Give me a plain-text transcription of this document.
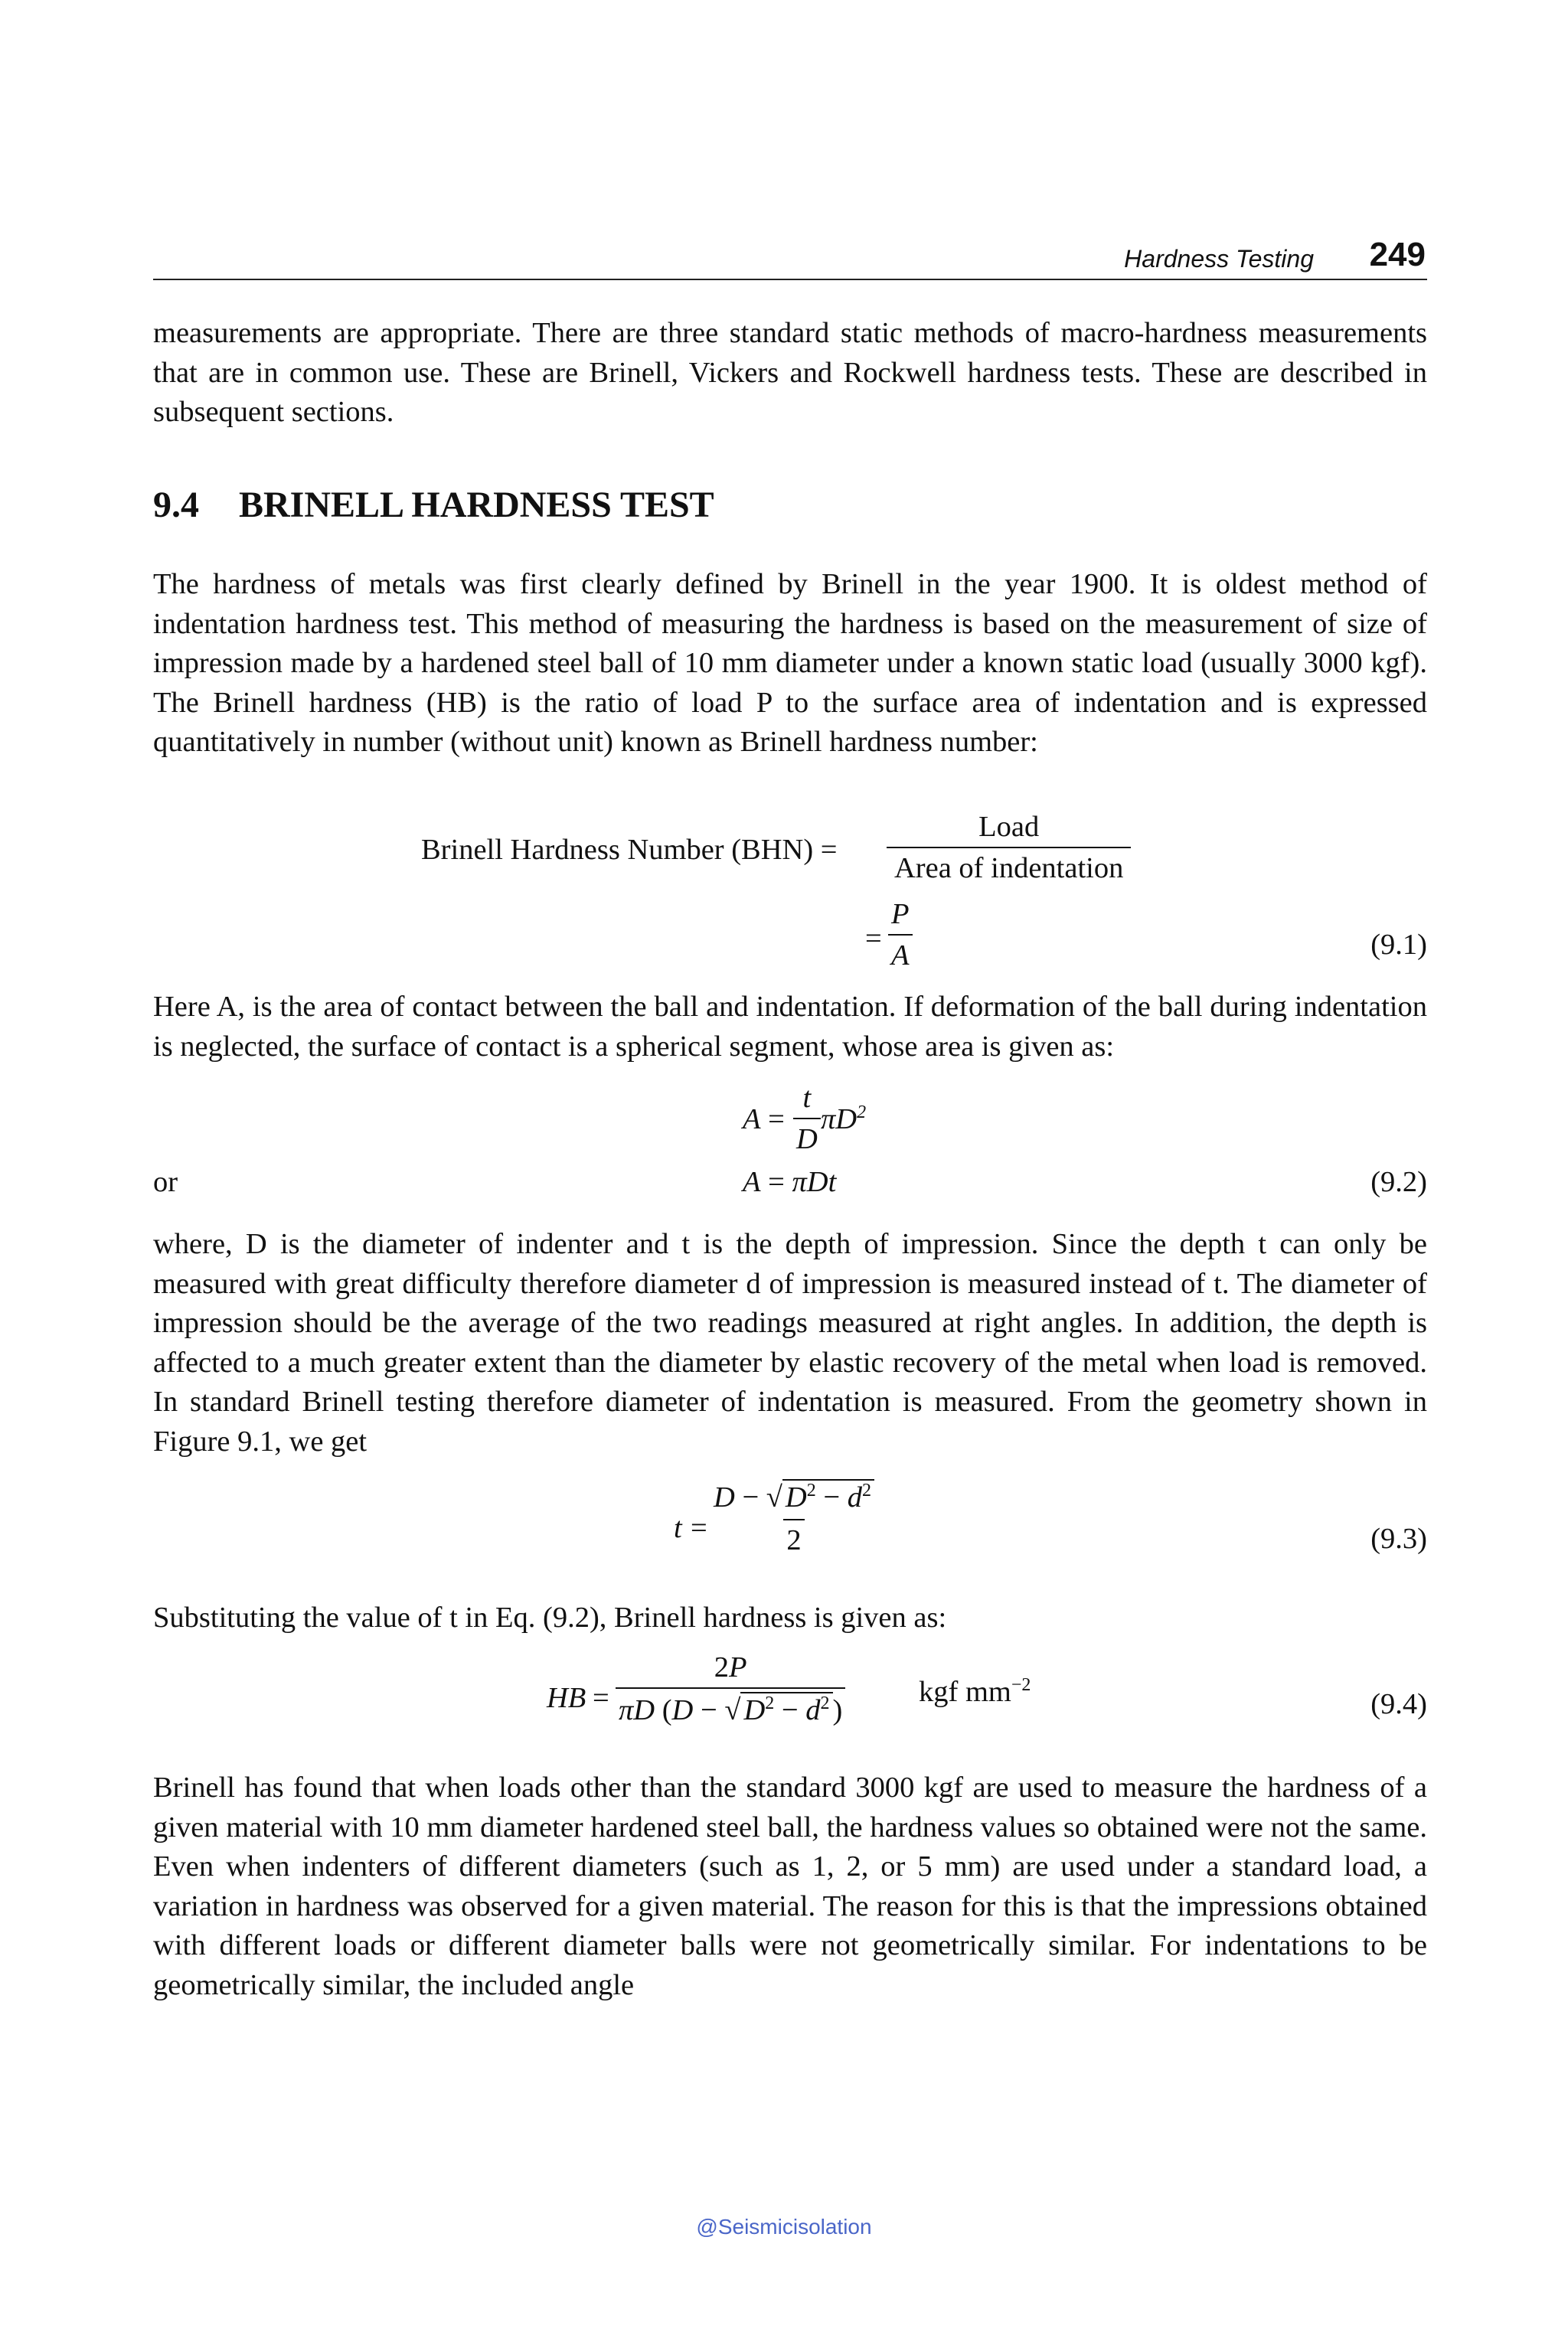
Hardness Testing 249

measurements are appropriate. There are three standard static methods of macro-hardness measurements that are in common use. These are Brinell, Vickers and Rockwell hardness tests. These are described in subsequent sections.

9.4 BRINELL HARDNESS TEST

The hardness of metals was first clearly defined by Brinell in the year 1900. It is oldest method of indentation hardness test. This method of measuring the hardness is based on the measurement of size of impression made by a hardened steel ball of 10 mm diameter under a known static load (usually 3000 kgf). The Brinell hardness (HB) is the ratio of load P to the surface area of indentation and is expressed quantitatively in number (without unit) known as Brinell hardness number:

Brinell Hardness Number (BHN) =
Load
Area of indentation
= $\frac{P}{A}$	(9.1)

Here A, is the area of contact between the ball and indentation. If deformation of the ball during indentation is neglected, the surface of contact is a spherical segment, whose area is given as:

$A = \frac{t}{D} \pi D^2$
or	A = πDt	(9.2)

where, D is the diameter of indenter and t is the depth of impression. Since the depth t can only be measured with great difficulty therefore diameter d of impression is measured instead of t. The diameter of impression should be the average of the two readings measured at right angles. In addition, the depth is affected to a much greater extent than the diameter by elastic recovery of the metal when load is removed. In standard Brinell testing therefore diameter of indentation is measured. From the geometry shown in Figure 9.1, we get

$t = \frac{D - √ D^2 - d^2}{2}$	(9.3)

Substituting the value of t in Eq. (9.2), Brinell hardness is given as:

HB = $\frac{2P}{\pi D (D - √ D^2 - d^2 )}$ kgf $mm^{-2}$
(9.4)

Brinell has found that when loads other than the standard 3000 kgf are used to measure the hardness of a given material with 10 mm diameter hardened steel ball, the hardness values so obtained were not the same. Even when indenters of different diameters (such as 1, 2, or 5 mm) are used under a standard load, a variation in hardness was observed for a given material. The reason for this is that the impressions obtained with different loads or different diameter balls were not geometrically similar. For indentations to be geometrically similar, the included angle

@Seismicisolation
